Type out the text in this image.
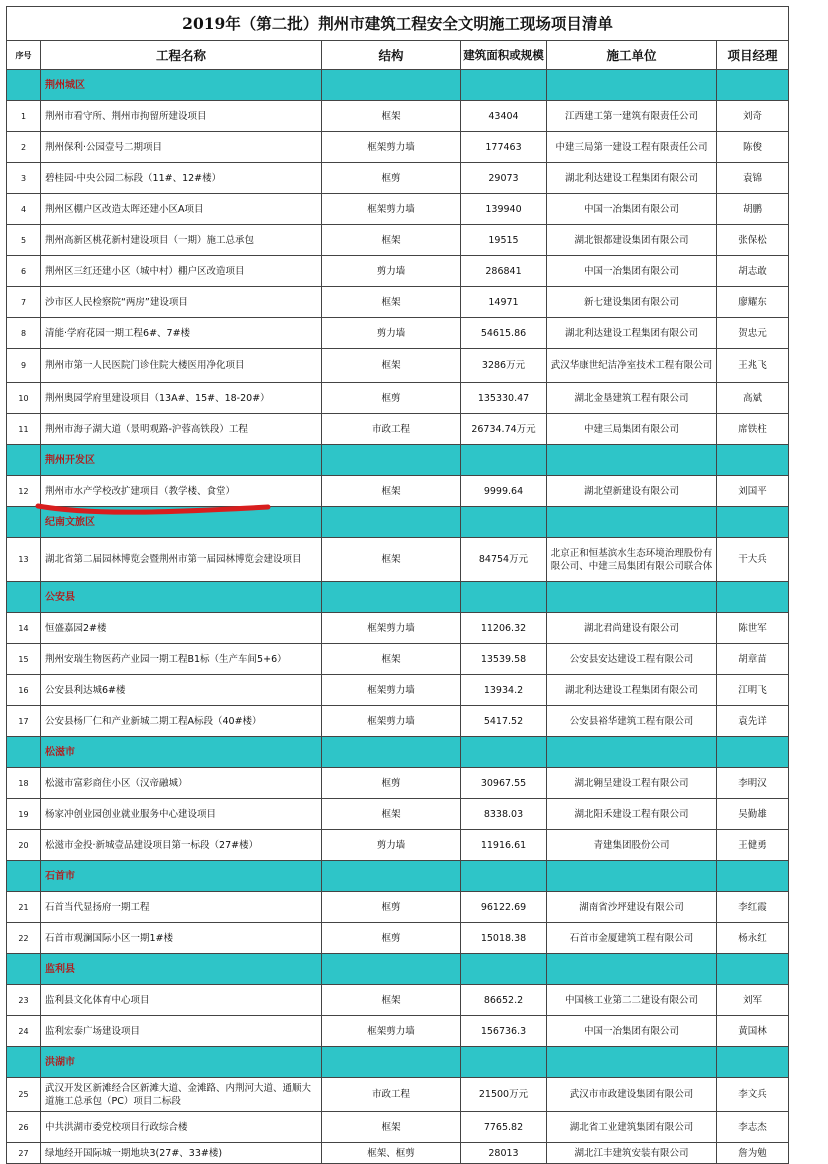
2019年（第二批）荆州市建筑工程安全文明施工现场项目清单					
序号	工程名称	结构	建筑面积或规模	施工单位	项目经理
	荆州城区				
1	荆州市看守所、荆州市拘留所建设项目	框架	43404	江西建工第一建筑有限责任公司	刘奇
2	荆州保利·公园壹号二期项目	框架剪力墙	177463	中建三局第一建设工程有限责任公司	陈俊
3	碧桂园·中央公园二标段（11#、12#楼）	框剪	29073	湖北利达建设工程集团有限公司	袁锦
4	荆州区棚户区改造太晖还建小区A项目	框架剪力墙	139940	中国一冶集团有限公司	胡鹏
5	荆州高新区桃花新村建设项目（一期）施工总承包	框架	19515	湖北银都建设集团有限公司	张保松
6	荆州区三红还建小区（城中村）棚户区改造项目	剪力墙	286841	中国一冶集团有限公司	胡志敢
7	沙市区人民检察院“两房”建设项目	框架	14971	新七建设集团有限公司	廖耀东
8	清能·学府花园一期工程6#、7#楼	剪力墙	54615.86	湖北利达建设工程集团有限公司	贺忠元
9	荆州市第一人民医院门诊住院大楼医用净化项目	框架	3286万元	武汉华康世纪洁净室技术工程有限公司	王兆飞
10	荆州奥园学府里建设项目（13A#、15#、18-20#）	框剪	135330.47	湖北金垦建筑工程有限公司	高斌
11	荆州市海子湖大道（景明观路-沪蓉高铁段）工程	市政工程	26734.74万元	中建三局集团有限公司	席铁柱
	荆州开发区				
12	荆州市水产学校改扩建项目（教学楼、食堂）	框架	9999.64	湖北望新建设有限公司	刘国平
	纪南文旅区				
13	湖北省第二届园林博览会暨荆州市第一届园林博览会建设项目	框架	84754万元	北京正和恒基滨水生态环境治理股份有限公司、中建三局集团有限公司联合体	干大兵
	公安县				
14	恒盛嘉园2#楼	框架剪力墙	11206.32	湖北君尚建设有限公司	陈世军
15	荆州安瑞生物医药产业园一期工程B1标（生产车间5+6）	框架	13539.58	公安县安达建设工程有限公司	胡章苗
16	公安县利达城6#楼	框架剪力墙	13934.2	湖北利达建设工程集团有限公司	江明飞
17	公安县杨厂仁和产业新城二期工程A标段（40#楼）	框架剪力墙	5417.52	公安县裕华建筑工程有限公司	袁先详
	松滋市				
18	松滋市富彩商住小区（汉帝融城）	框剪	30967.55	湖北翱呈建设工程有限公司	李明汉
19	杨家冲创业园创业就业服务中心建设项目	框架	8338.03	湖北阳禾建设工程有限公司	吴勤雄
20	松滋市金投·新城壹品建设项目第一标段（27#楼）	剪力墙	11916.61	青建集团股份公司	王健勇
	石首市				
21	石首当代显扬府一期工程	框剪	96122.69	湖南省沙坪建设有限公司	李红霞
22	石首市观澜国际小区一期1#楼	框剪	15018.38	石首市金厦建筑工程有限公司	杨永红
	监利县				
23	监利县文化体育中心项目	框架	86652.2	中国核工业第二二建设有限公司	刘军
24	监利宏泰广场建设项目	框架剪力墙	156736.3	中国一冶集团有限公司	黄国林
	洪湖市				
25	武汉开发区新滩经合区新滩大道、金滩路、内荆河大道、通顺大道施工总承包（PC）项目二标段	市政工程	21500万元	武汉市市政建设集团有限公司	李文兵
26	中共洪湖市委党校项目行政综合楼	框架	7765.82	湖北省工业建筑集团有限公司	李志杰
27	绿地经开国际城一期地块3(27#、33#楼)	框架、框剪	28013	湖北江丰建筑安装有限公司	詹为勉
